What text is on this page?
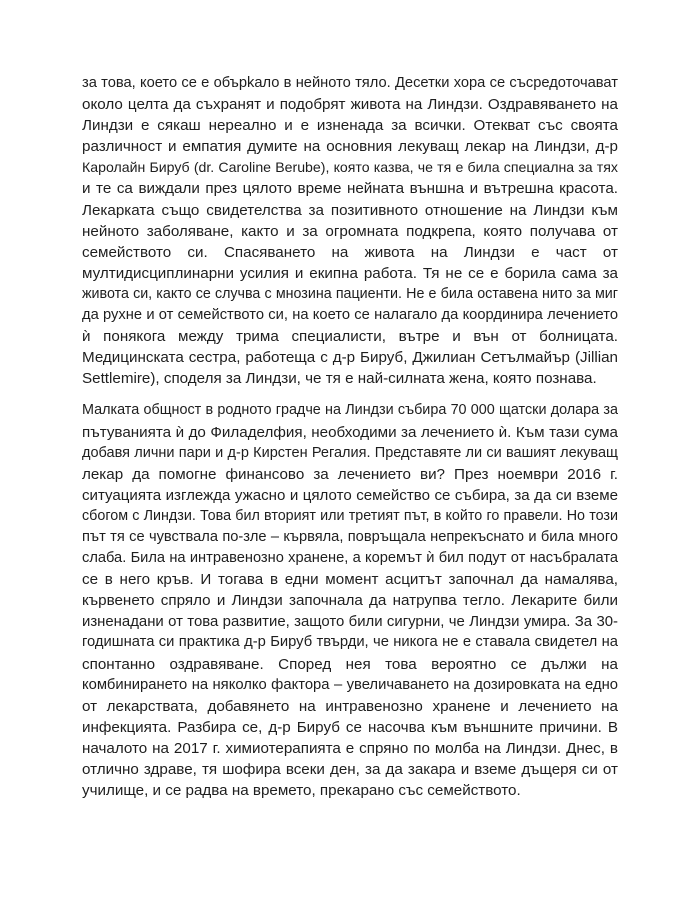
за това, което се е обърkало в нейното тяло. Десетки хора се съсредоточават
около целта да съхранят и подобрят живота на Линдзи. Оздравяването на
Линдзи е сякаш нереално и е изненада за всички. Отекват със своята
различност и емпатия думите на основния лекуващ лекар на Линдзи, д-р
Каролайн Бируб (dr. Caroline Berube), която казва, че тя е била специална за тях
и те са виждали през цялото време нейната външна и вътрешна красота.
Лекарката също свидетелства за позитивното отношение на Линдзи към
нейното заболяване, както и за огромната подкрепа, която получава от
семейството си. Спасяването на живота на Линдзи е част от
мултидисциплинарни усилия и екипна работа. Тя не се е борила сама за
живота си, както се случва с мнозина пациенти. Не е била оставена нито за миг
да рухне и от семейството си, на което се налагало да координира лечението
ѝ понякога между трима специалисти, вътре и вън от болницата.
Медицинската сестра, работеща с д-р Бируб, Джилиан Сетълмайър (Jillian
Settlemire), споделя за Линдзи, че тя е най-силната жена, която познава.

Малката общност в родното градче на Линдзи събира 70 000 щатски долара за
пътуванията ѝ до Филаделфия, необходими за лечението ѝ. Към тази сума
добавя лични пари и д-р Кирстен Регалия. Представяте ли си вашият лекуващ
лекар да помогне финансово за лечението ви? През ноември 2016 г.
ситуацията изглежда ужасно и цялото семейство се събира, за да си вземе
сбогом с Линдзи. Това бил вторият или третият път, в който го правели. Но този
път тя се чувствала по-зле – кървяла, повръщала непрекъснато и била много
слаба. Била на интравенозно хранене, а коремът ѝ бил подут от насъбралата
се в него кръв. И тогава в едни момент асцитът започнал да намалява,
кървенето спряло и Линдзи започнала да натрупва тегло. Лекарите били
изненадани от това развитие, защото били сигурни, че Линдзи умира. За 30-
годишната си практика д-р Бируб твърди, че никога не е ставала свидетел на
спонтанно оздравяване. Според нея това вероятно се дължи на
комбинирането на няколко фактора – увеличаването на дозировката на едно
от лекарствата, добавянето на интравенозно хранене и лечението на
инфекцията. Разбира се, д-р Бируб се насочва към външните причини. В
началото на 2017 г. химиотерапията е спряно по молба на Линдзи. Днес, в
отлично здраве, тя шофира всеки ден, за да закара и вземе дъщеря си от
училище, и се радва на времето, прекарано със семейството.
